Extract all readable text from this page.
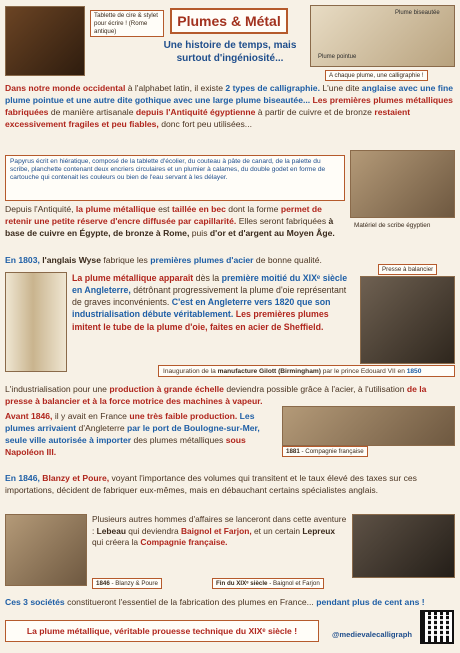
Tablette de cire & stylet pour écrire ! (Rome antique)
Plumes & Métal
Une histoire de temps, mais surtout d'ingéniosité...
Plume biseautée
Plume pointue
A chaque plume, une calligraphie !
Dans notre monde occidental à l'alphabet latin, il existe 2 types de calligraphie. L'une dite anglaise avec une fine plume pointue et une autre dite gothique avec une large plume biseautée... Les premières plumes métalliques fabriquées de manière artisanale depuis l'Antiquité égyptienne à partir de cuivre et de bronze restaient excessivement fragiles et peu fiables, donc fort peu utilisées...
Papyrus écrit en hiératique, composé de la tablette d'écolier, du couteau à pâte de canard, de la palette du scribe, planchette contenant deux encriers circulaires et un plumier à calames, du double godet en forme de cartouche qui contenait les couleurs ou bien de l'eau servant à les délayer.
Matériel de scribe égyptien
Depuis l'Antiquité, la plume métallique est taillée en bec dont la forme permet de retenir une petite réserve d'encre diffusée par capillarité. Elles seront fabriquées à base de cuivre en Égypte, de bronze à Rome, puis d'or et d'argent au Moyen Âge.
En 1803, l'anglais Wyse fabrique les premières plumes d'acier de bonne qualité.
Presse à balancier
La plume métallique apparaît dès la première moitié du XIXᵉ siècle en Angleterre, détrônant progressivement la plume d'oie représentant de graves inconvénients. C'est en Angleterre vers 1820 que son industrialisation débute véritablement. Les premières plumes imitent le tube de la plume d'oie, faites en acier de Sheffield.
Inauguration de la manufacture Gilott (Birmingham) par le prince Edouard VII en 1850
L'industrialisation pour une production à grande échelle deviendra possible grâce à l'acier, à l'utilisation de la presse à balancier et à la force motrice des machines à vapeur.
Avant 1846, il y avait en France une très faible production. Les plumes arrivaient d'Angleterre par le port de Boulogne-sur-Mer, seule ville autorisée à importer des plumes métalliques sous Napoléon III.	1881 - Compagnie française
En 1846, Blanzy et Poure, voyant l'importance des volumes qui transitent et le taux élevé des taxes sur ces importations, décident de fabriquer eux-mêmes, mais en débauchant certains spécialistes anglais.
Plusieurs autres hommes d'affaires se lanceront dans cette aventure : Lebeau qui deviendra Baignol et Farjon, et un certain Lepreux qui créera la Compagnie française.
1846 - Blanzy & Poure	Fin du XIXᵉ siècle - Baignol et Farjon
Ces 3 sociétés constitueront l'essentiel de la fabrication des plumes en France... pendant plus de cent ans !
La plume métallique, véritable prouesse technique du XIXᵉ siècle !	@medievalecalligraph
